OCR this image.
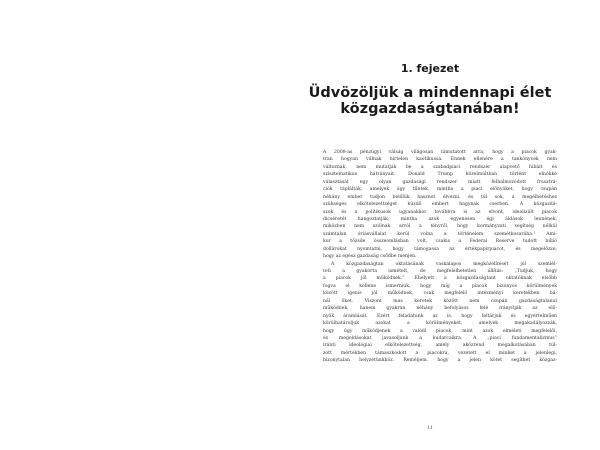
1. fejezet
Üdvözöljük a mindennapi élet
közgazdaságtanában!
A 2008-as pénzügyi válság világosan támutatott arra, hogy a piacok gyak-
tran hogyan válnak hirtelen kaotikussá. Ennek ellenére a tankönyvek nem
változnak, nem mutatják be a szabadpiaci rendszer alapvető hibáit és
szisztematikus hátrányait. Donald Trump közelmúltban történt elnökké
választását egy olyan gazdasági rendszer miatt felhalmozódott frusztrá-
ciók táplálták, amelyek úgy tűntek, mintha a piaci előnyöket, hogy csupán
néhány ember tudjon belőlük hasznot élvezni, és túl sok, a megélhetéshez
szükséges elkötelezettséget küzdő embert hagynak cserben. A közgazdá-
szok és a politikusok ugyanakkor továbbra is az elvont, idealizált piacok
dicséretét hangoztatják, mintha azok egyenesen égi áldások lennének,
miközben nem szólnak arról a tényről, hogy kormányzati segítség nélkül
számtalan óriásvállalat kerül volna a történelem szemétkosarába.¹ Ami-
kor a tőzsde összeomlásban volt, csakis a Federal Reserve tudott billió
dollárokat nyomtatni, hogy támogassa az értékpapírpiacot, és megelőzze,
hogy az egész gazdaság csődbe menjen.
A közgazdaságtan oktatásának vaskalapos megközelítését jól szemlél-
teti a gyakorta ismételt, de megfelelhetetlen állítás: „Tudjuk, hogy
a piacok jól működnek.” Ehelyett a közgazdaságtant oktatóknak elsőbb
fogva el kellene ismerniük, hogy míg a piacok bizonyos körülmények
között igenis jól működnek, csak megfelelő intézményi keretekben bá-
nál őket. Viszont mas keretek között nem csupán gazdaságtalanul
működnek, hanem gyakran néhány befolyásos felé irányítják az elő-
nyök áramlását. Ezért feladatunk az is, hogy feltárjuk és egyértelműen
körülhatároljuk azokat a körülményeket, amelyek megakadályozzák,
hogy úgy működjenek a valódi piacok, mint azok elméleti megfelelői,
és megoldásokat javasoljunk a kudarcaikra. A „piaci fundamentalizmus”
iránti ideológiai elkötelezettség, amely aközrend megalkotásában túl-
zott mértékben támaszkodott a piacokra, vezetett el minket a jelenlegi,
bizonytalan helyzetünkhöz. Reméljem, hogy a jelen kötet segíthet közgaz-
11
